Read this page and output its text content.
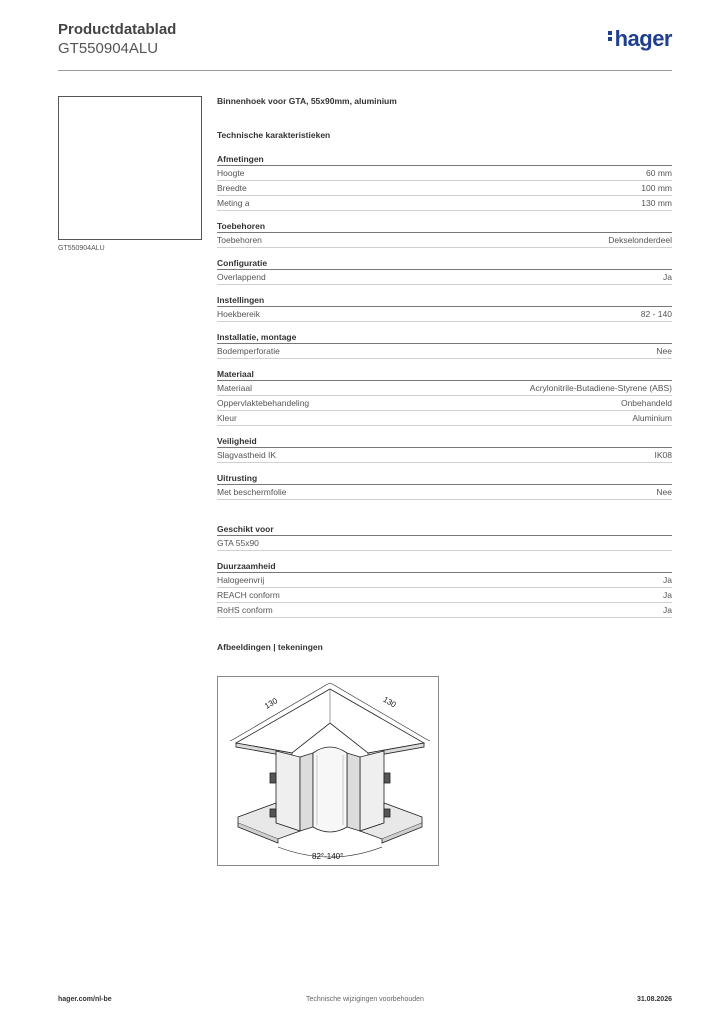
Productdatablad
GT550904ALU	hager
GT550904ALU
Binnenhoek voor GTA, 55x90mm, aluminium
Technische karakteristieken
Afmetingen
Hoogte	60 mm
Breedte	100 mm
Meting a	130 mm
Toebehoren
Toebehoren	Dekselonderdeel
Configuratie
Overlappend	Ja
Instellingen
Hoekbereik	82 - 140
Installatie, montage
Bodemperforatie	Nee
Materiaal
Materiaal	Acrylonitrile-Butadiene-Styrene (ABS)
Oppervlaktebehandeling	Onbehandeld
Kleur	Aluminium
Veiligheid
Slagvastheid IK	IK08
Uitrusting
Met beschermfolie	Nee
Geschikt voor
GTA 55x90
Duurzaamheid
Halogeenvrij	Ja
REACH conform	Ja
RoHS conform	Ja
Afbeeldingen | tekeningen
130	130
82°-140°
hager.com/nl-be	Technische wijzigingen voorbehouden	31.08.2026
